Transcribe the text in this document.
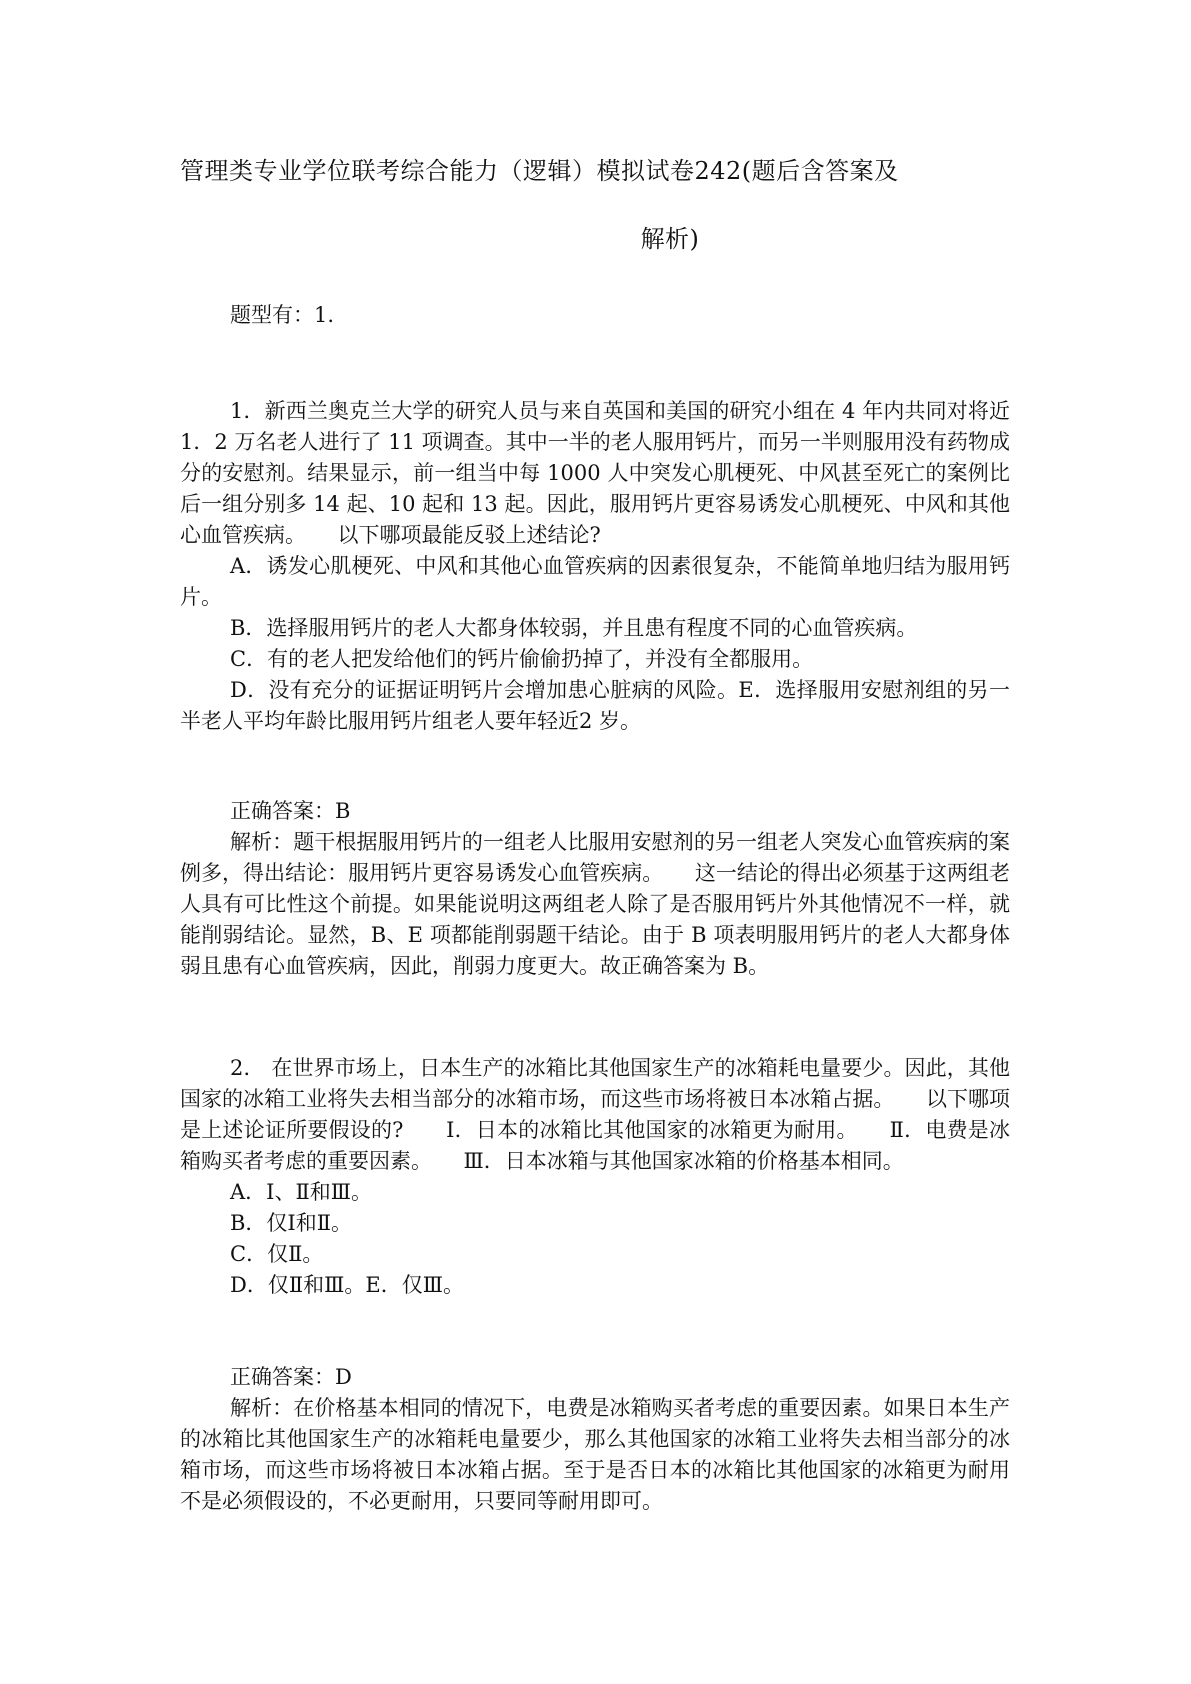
管理类专业学位联考综合能力（逻辑）模拟试卷242(题后含答案及
解析)

题型有：1.

1．新西兰奥克兰大学的研究人员与来自英国和美国的研究小组在 4 年内共同对将近 1．2 万名老人进行了 11 项调查。其中一半的老人服用钙片，而另一半则服用没有药物成分的安慰剂。结果显示，前一组当中每 1000 人中突发心肌梗死、中风甚至死亡的案例比后一组分别多 14 起、10 起和 13 起。因此，服用钙片更容易诱发心肌梗死、中风和其他心血管疾病。　　以下哪项最能反驳上述结论?

A．诱发心肌梗死、中风和其他心血管疾病的因素很复杂，不能简单地归结为服用钙片。

B．选择服用钙片的老人大都身体较弱，并且患有程度不同的心血管疾病。

C．有的老人把发给他们的钙片偷偷扔掉了，并没有全都服用。

D．没有充分的证据证明钙片会增加患心脏病的风险。E．选择服用安慰剂组的另一半老人平均年龄比服用钙片组老人要年轻近2 岁。

正确答案：B

解析：题干根据服用钙片的一组老人比服用安慰剂的另一组老人突发心血管疾病的案例多，得出结论：服用钙片更容易诱发心血管疾病。　　这一结论的得出必须基于这两组老人具有可比性这个前提。如果能说明这两组老人除了是否服用钙片外其他情况不一样，就能削弱结论。显然，B、E 项都能削弱题干结论。由于 B 项表明服用钙片的老人大都身体弱且患有心血管疾病，因此，削弱力度更大。故正确答案为 B。

2． 在世界市场上，日本生产的冰箱比其他国家生产的冰箱耗电量要少。因此，其他国家的冰箱工业将失去相当部分的冰箱市场，而这些市场将被日本冰箱占据。　　以下哪项是上述论证所要假设的?　　Ⅰ．日本的冰箱比其他国家的冰箱更为耐用。　　Ⅱ．电费是冰箱购买者考虑的重要因素。　　Ⅲ．日本冰箱与其他国家冰箱的价格基本相同。

A．Ⅰ、Ⅱ和Ⅲ。

B．仅Ⅰ和Ⅱ。

C．仅Ⅱ。

D．仅Ⅱ和Ⅲ。E．仅Ⅲ。

正确答案：D

解析：在价格基本相同的情况下，电费是冰箱购买者考虑的重要因素。如果日本生产的冰箱比其他国家生产的冰箱耗电量要少，那么其他国家的冰箱工业将失去相当部分的冰箱市场，而这些市场将被日本冰箱占据。至于是否日本的冰箱比其他国家的冰箱更为耐用不是必须假设的，不必更耐用，只要同等耐用即可。
